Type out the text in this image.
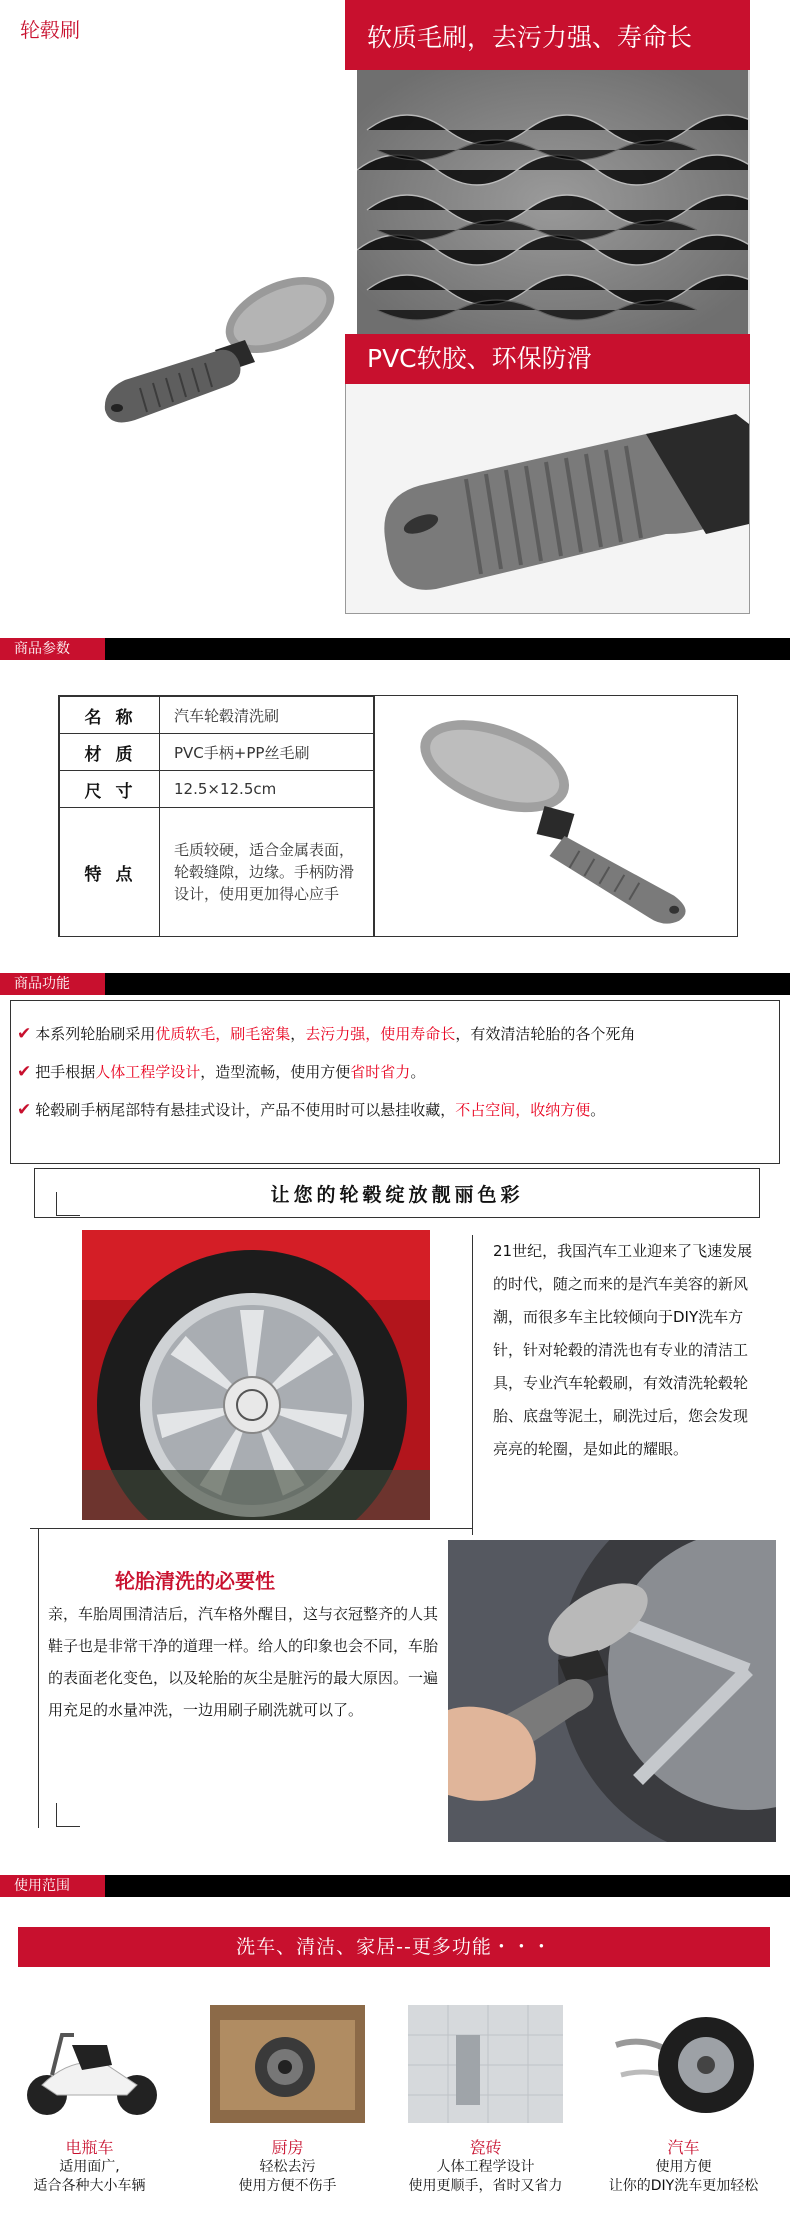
轮毂刷	软质毛刷，去污力强、寿命长
PVC软胶、环保防滑
商品参数
名称	汽车轮毂清洗刷
材质	PVC手柄+PP丝毛刷
尺寸	12.5×12.5cm
特点	毛质较硬，适合金属表面，轮毂缝隙，边缘。手柄防滑设计，使用更加得心应手
商品功能
✔ 本系列轮胎刷采用优质软毛，刷毛密集，去污力强，使用寿命长，有效清洁轮胎的各个死角
✔ 把手根据人体工程学设计，造型流畅，使用方便省时省力。
✔ 轮毂刷手柄尾部特有悬挂式设计，产品不使用时可以悬挂收藏，不占空间，收纳方便。
让您的轮毂绽放靓丽色彩
21世纪，我国汽车工业迎来了飞速发展的时代，随之而来的是汽车美容的新风潮，而很多车主比较倾向于DIY洗车方针，针对轮毂的清洗也有专业的清洁工具，专业汽车轮毂刷，有效清洗轮毂轮胎、底盘等泥土，刷洗过后，您会发现亮亮的轮圈，是如此的耀眼。
轮胎清洗的必要性
亲，车胎周围清洁后，汽车格外醒目，这与衣冠整齐的人其鞋子也是非常干净的道理一样。给人的印象也会不同，车胎的表面老化变色，以及轮胎的灰尘是脏污的最大原因。一遍用充足的水量冲洗，一边用刷子刷洗就可以了。
使用范围
洗车、清洁、家居--更多功能・・・
电瓶车
适用面广,
适合各种大小车辆
厨房
轻松去污
使用方便不伤手
瓷砖
人体工程学设计
使用更顺手，省时又省力
汽车
使用方便
让你的DIY洗车更加轻松
